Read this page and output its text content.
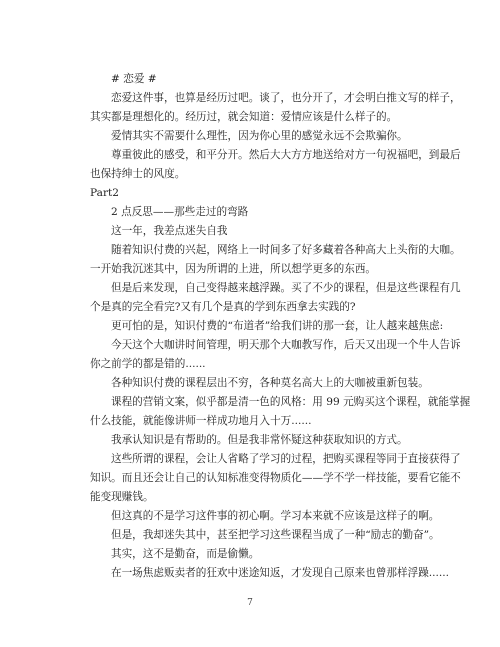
# 恋爱 #

恋爱这件事，也算是经历过吧。谈了，也分开了，才会明白推文写的样子，

其实都是理想化的。经历过，就会知道：爱情应该是什么样子的。

爱情其实不需要什么理性，因为你心里的感觉永远不会欺骗你。

尊重彼此的感受，和平分开。然后大大方方地送给对方一句祝福吧，到最后

也保持绅士的风度。

Part2

2 点反思——那些走过的弯路

这一年，我差点迷失自我

随着知识付费的兴起，网络上一时间多了好多藏着各种高大上头衔的大咖。

一开始我沉迷其中，因为所谓的上进，所以想学更多的东西。

但是后来发现，自己变得越来越浮躁。买了不少的课程，但是这些课程有几

个是真的完全看完?又有几个是真的学到东西拿去实践的?

更可怕的是，知识付费的“布道者”给我们讲的那一套，让人越来越焦虑:

今天这个大咖讲时间管理，明天那个大咖教写作，后天又出现一个牛人告诉

你之前学的都是错的......

各种知识付费的课程层出不穷，各种莫名高大上的大咖被重新包装。

课程的营销文案，似乎都是清一色的风格：用 99 元购买这个课程，就能掌握

什么技能，就能像讲师一样成功地月入十万......

我承认知识是有帮助的。但是我非常怀疑这种获取知识的方式。

这些所谓的课程，会让人省略了学习的过程，把购买课程等同于直接获得了

知识。而且还会让自己的认知标准变得物质化——学不学一样技能，要看它能不

能变现赚钱。

但这真的不是学习这件事的初心啊。学习本来就不应该是这样子的啊。

但是，我却迷失其中，甚至把学习这些课程当成了一种“励志的勤奋”。

其实，这不是勤奋，而是偷懒。

在一场焦虑贩卖者的狂欢中迷途知返，才发现自己原来也曾那样浮躁......

7
